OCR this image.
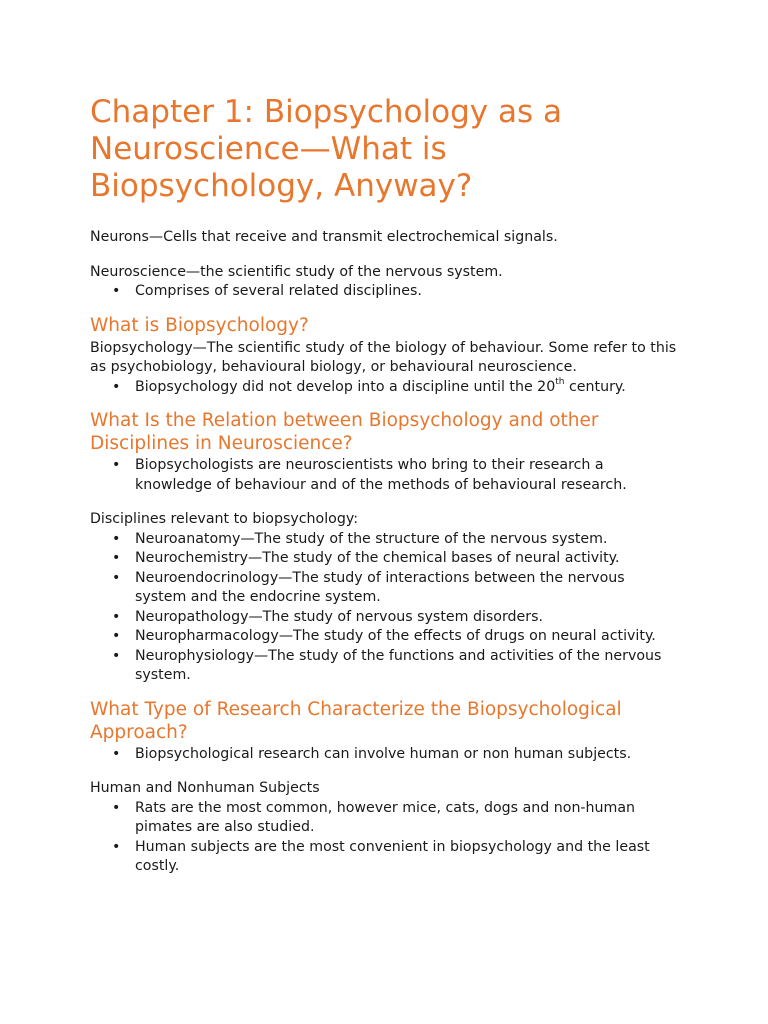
Chapter 1: Biopsychology as a Neuroscience—What is Biopsychology, Anyway?

Neurons—Cells that receive and transmit electrochemical signals.

Neuroscience—the scientific study of the nervous system.

• Comprises of several related disciplines.
What is Biopsychology?

Biopsychology—The scientific study of the biology of behaviour. Some refer to this as psychobiology, behavioural biology, or behavioural neuroscience.

• Biopsychology did not develop into a discipline until the 20th century.
What Is the Relation between Biopsychology and other Disciplines in Neuroscience?
• Biopsychologists are neuroscientists who bring to their research a knowledge of behaviour and of the methods of behavioural research.

Disciplines relevant to biopsychology:

• Neuroanatomy—The study of the structure of the nervous system.
• Neurochemistry—The study of the chemical bases of neural activity.
• Neuroendocrinology—The study of interactions between the nervous system and the endocrine system.
• Neuropathology—The study of nervous system disorders.
• Neuropharmacology—The study of the effects of drugs on neural activity.
• Neurophysiology—The study of the functions and activities of the nervous system.
What Type of Research Characterize the Biopsychological Approach?
• Biopsychological research can involve human or non human subjects.

Human and Nonhuman Subjects

• Rats are the most common, however mice, cats, dogs and non-human pimates are also studied.
• Human subjects are the most convenient in biopsychology and the least costly.
